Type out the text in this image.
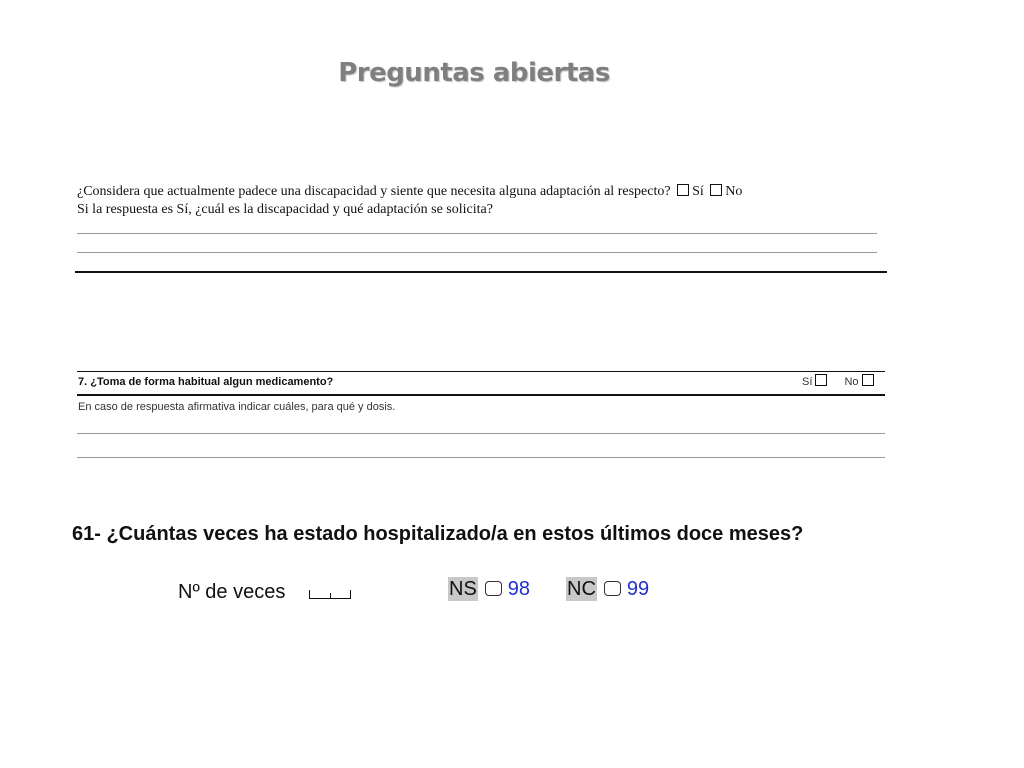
Preguntas abiertas
¿Considera que actualmente padece una discapacidad y siente que necesita alguna adaptación al respecto? Sí No
Si la respuesta es Sí, ¿cuál es la discapacidad y qué adaptación se solicita?
7. ¿Toma de forma habitual algun medicamento?	Sí	No
En caso de respuesta afirmativa indicar cuáles, para qué y dosis.
61- ¿Cuántas veces ha estado hospitalizado/a en estos últimos doce meses?
Nº de veces	NS 98 NC 99
